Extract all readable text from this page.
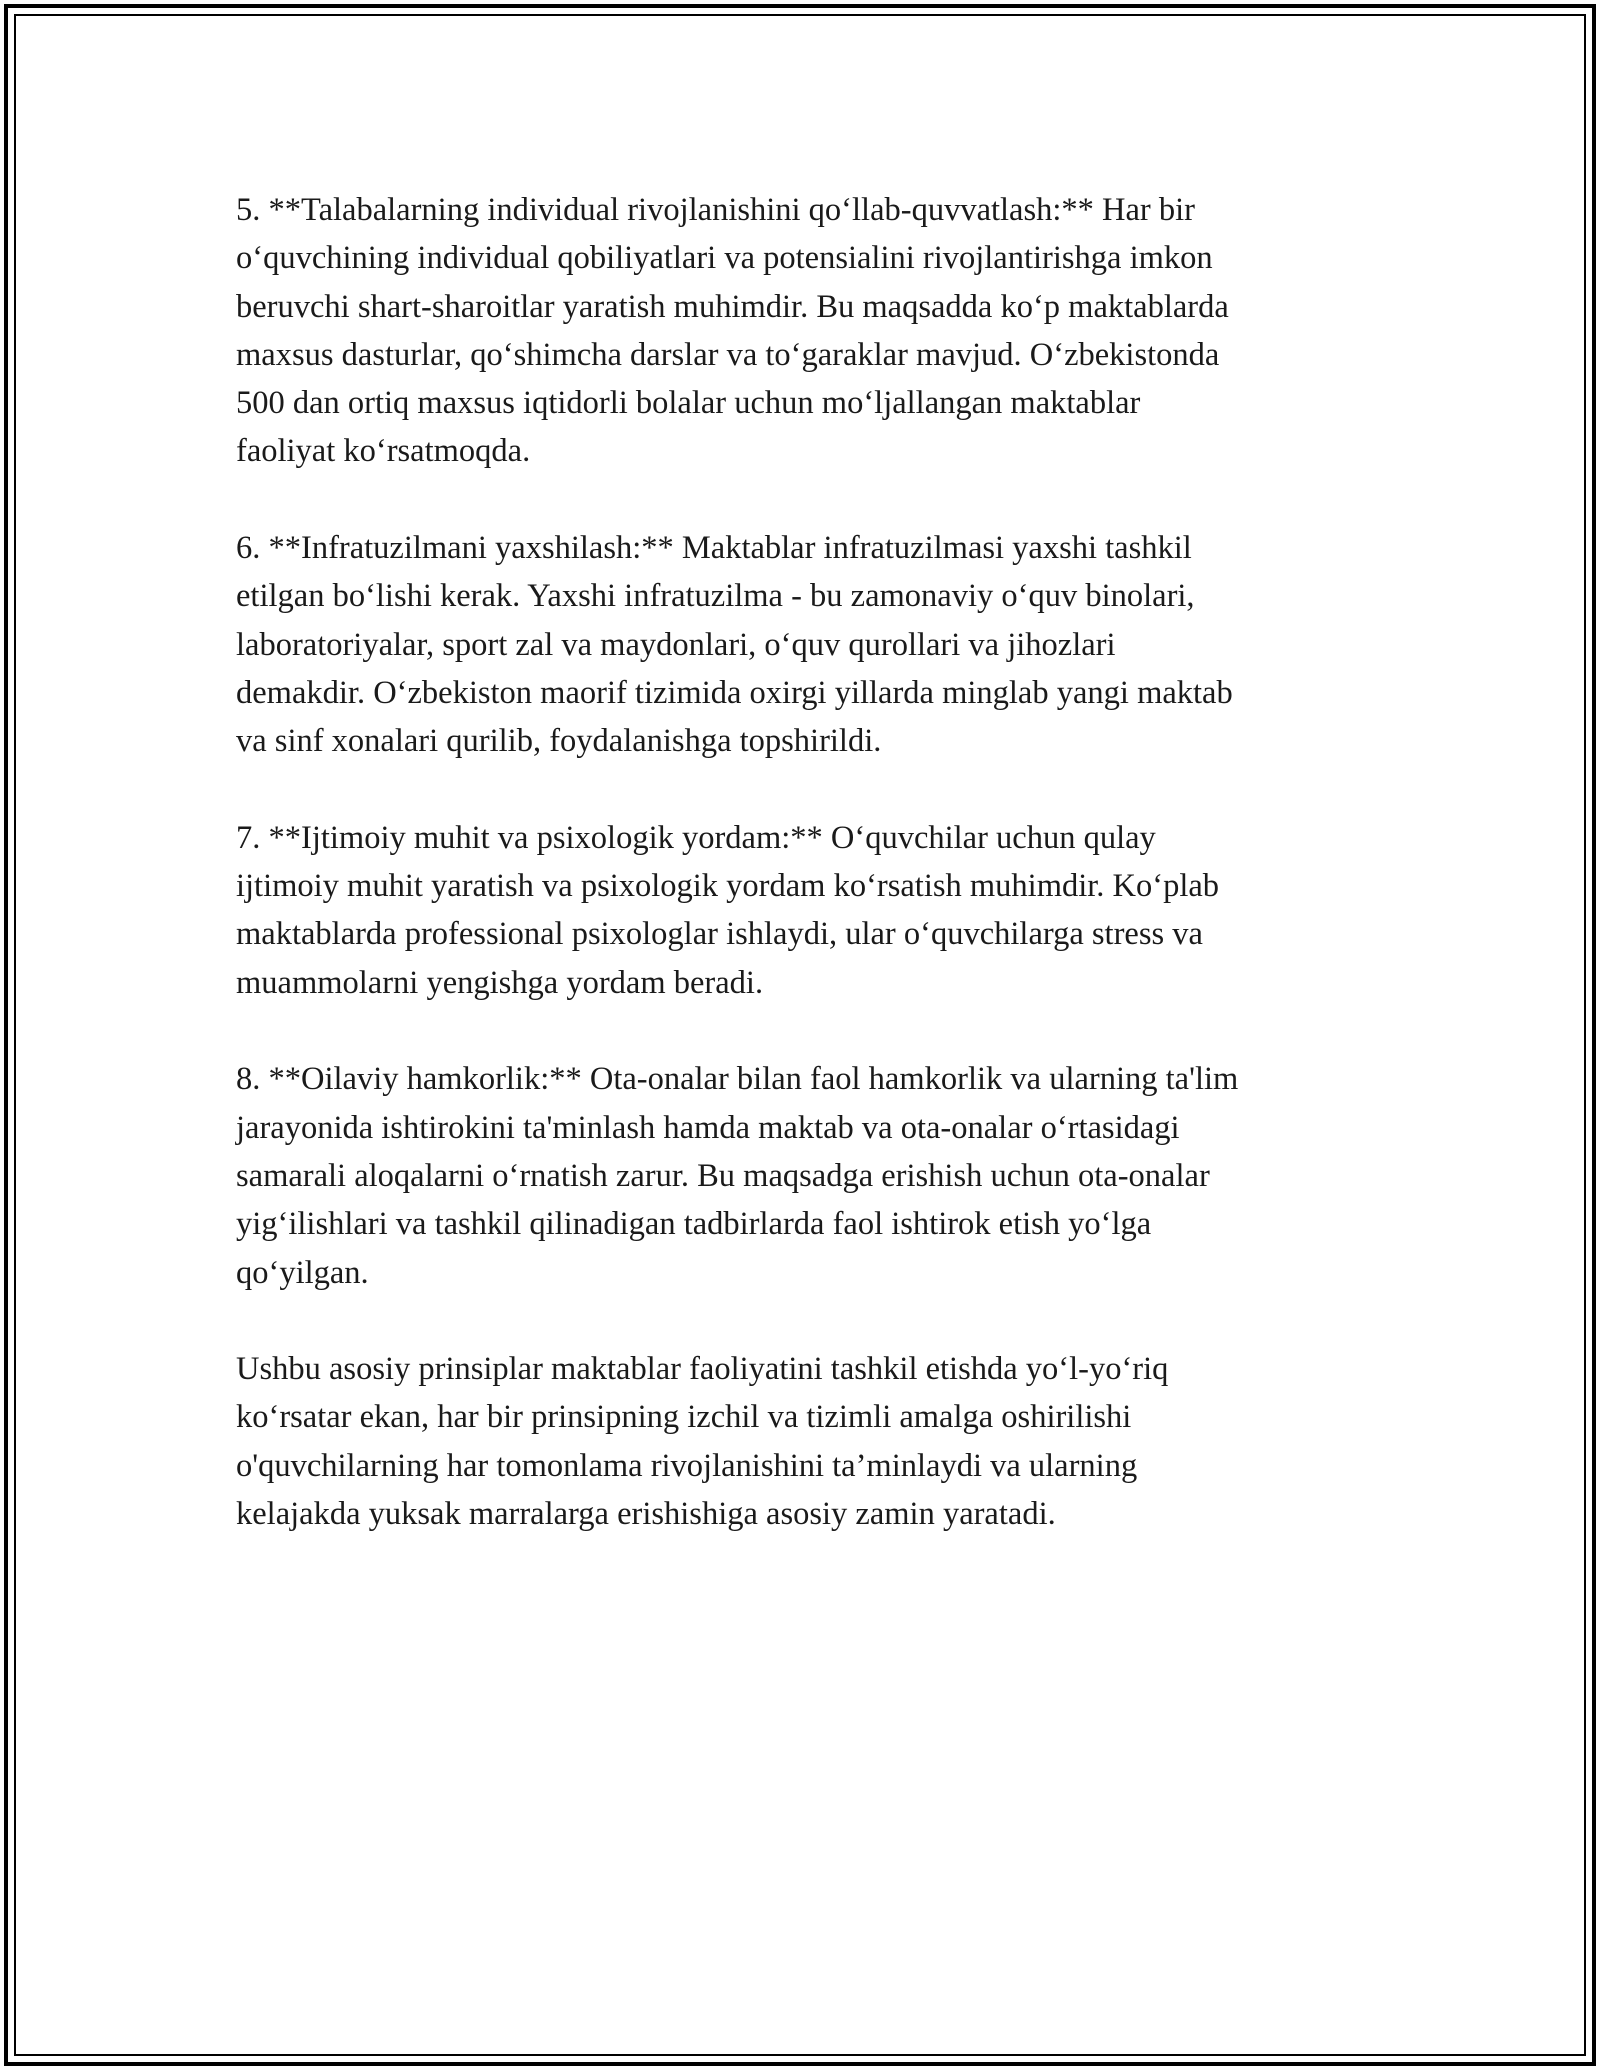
5. **Talabalarning individual rivojlanishini qo‘llab-quvvatlash:** Har bir
o‘quvchining individual qobiliyatlari va potensialini rivojlantirishga imkon
beruvchi shart-sharoitlar yaratish muhimdir. Bu maqsadda ko‘p maktablarda
maxsus dasturlar, qo‘shimcha darslar va to‘garaklar mavjud. O‘zbekistonda
500 dan ortiq maxsus iqtidorli bolalar uchun mo‘ljallangan maktablar
faoliyat ko‘rsatmoqda.

6. **Infratuzilmani yaxshilash:** Maktablar infratuzilmasi yaxshi tashkil
etilgan bo‘lishi kerak. Yaxshi infratuzilma - bu zamonaviy o‘quv binolari,
laboratoriyalar, sport zal va maydonlari, o‘quv qurollari va jihozlari
demakdir. O‘zbekiston maorif tizimida oxirgi yillarda minglab yangi maktab
va sinf xonalari qurilib, foydalanishga topshirildi.

7. **Ijtimoiy muhit va psixologik yordam:** O‘quvchilar uchun qulay
ijtimoiy muhit yaratish va psixologik yordam ko‘rsatish muhimdir. Ko‘plab
maktablarda professional psixologlar ishlaydi, ular o‘quvchilarga stress va
muammolarni yengishga yordam beradi.

8. **Oilaviy hamkorlik:** Ota-onalar bilan faol hamkorlik va ularning ta'lim
jarayonida ishtirokini ta'minlash hamda maktab va ota-onalar o‘rtasidagi
samarali aloqalarni o‘rnatish zarur. Bu maqsadga erishish uchun ota-onalar
yig‘ilishlari va tashkil qilinadigan tadbirlarda faol ishtirok etish yo‘lga
qo‘yilgan.

Ushbu asosiy prinsiplar maktablar faoliyatini tashkil etishda yo‘l-yo‘riq
ko‘rsatar ekan, har bir prinsipning izchil va tizimli amalga oshirilishi
o'quvchilarning har tomonlama rivojlanishini ta’minlaydi va ularning
kelajakda yuksak marralarga erishishiga asosiy zamin yaratadi.
